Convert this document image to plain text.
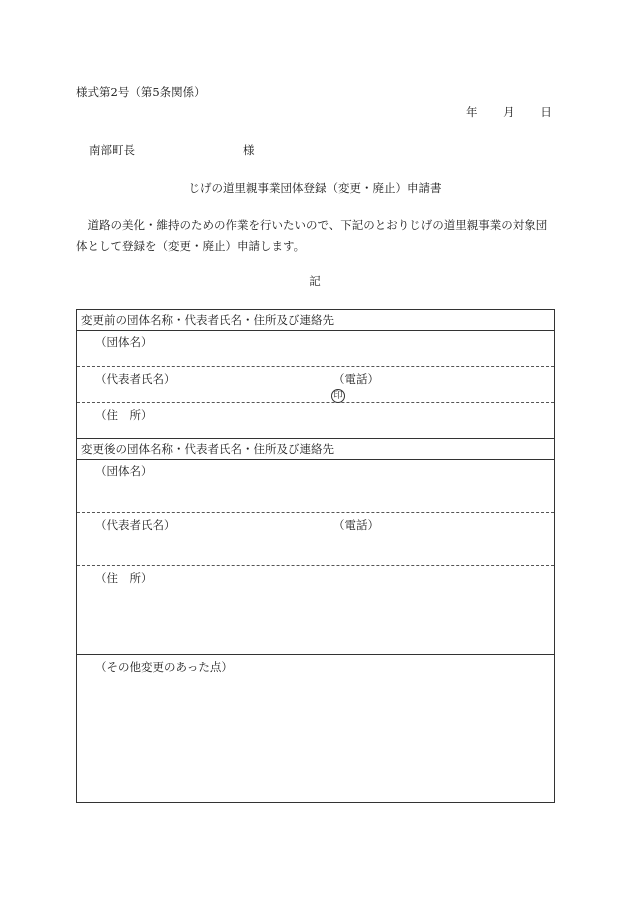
様式第2号（第5条関係）
年 月 日
南部町長	様
じげの道里親事業団体登録（変更・廃止）申請書
道路の美化・維持のための作業を行いたいので、下記のとおりじげの道里親事業の対象団体として登録を（変更・廃止）申請します。
記
変更前の団体名称・代表者氏名・住所及び連絡先
（団体名）
（代表者氏名）	（電話）
印
（住　所）
変更後の団体名称・代表者氏名・住所及び連絡先
（団体名）
（代表者氏名）	（電話）
（住　所）
（その他変更のあった点）
